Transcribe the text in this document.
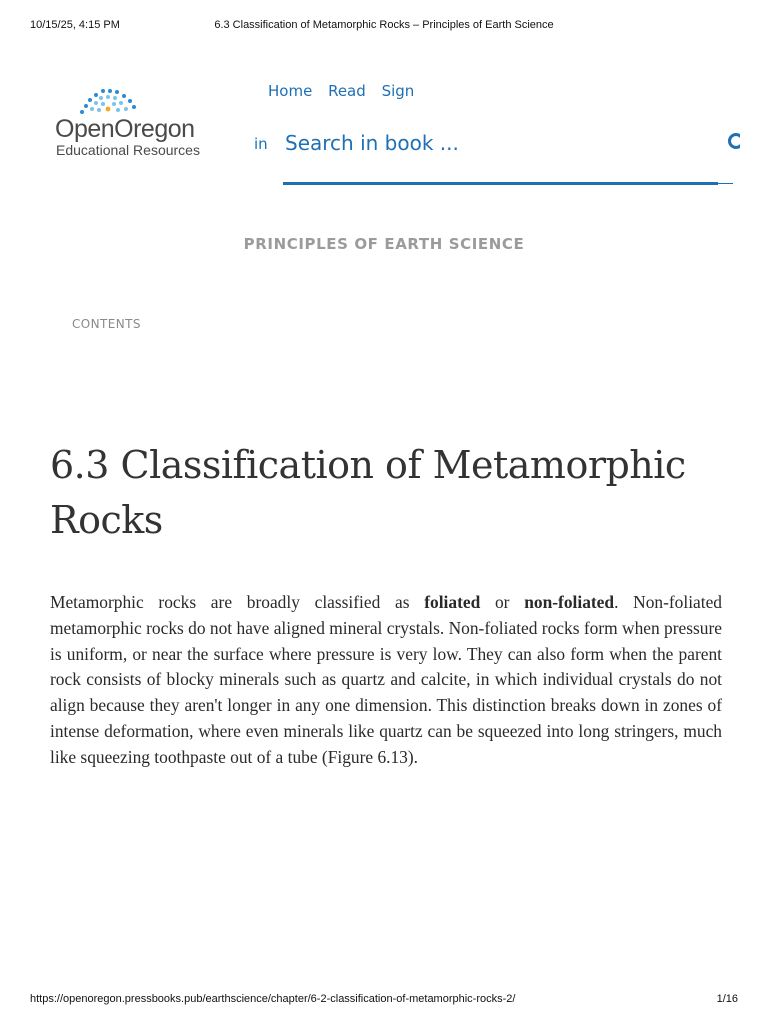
10/15/25, 4:15 PM	6.3 Classification of Metamorphic Rocks – Principles of Earth Science
OpenOregon
Educational Resources
Home Read Sign
in
Search in book ...
PRINCIPLES OF EARTH SCIENCE
CONTENTS
6.3 Classification of Metamorphic Rocks

Metamorphic rocks are broadly classified as foliated or non-foliated. Non-foliated metamorphic rocks do not have aligned mineral crystals. Non-foliated rocks form when pressure is uniform, or near the surface where pressure is very low. They can also form when the parent rock consists of blocky minerals such as quartz and calcite, in which individual crystals do not align because they aren't longer in any one dimension. This distinction breaks down in zones of intense deformation, where even minerals like quartz can be squeezed into long stringers, much like squeezing toothpaste out of a tube (Figure 6.13).

https://openoregon.pressbooks.pub/earthscience/chapter/6-2-classification-of-metamorphic-rocks-2/	1/16
